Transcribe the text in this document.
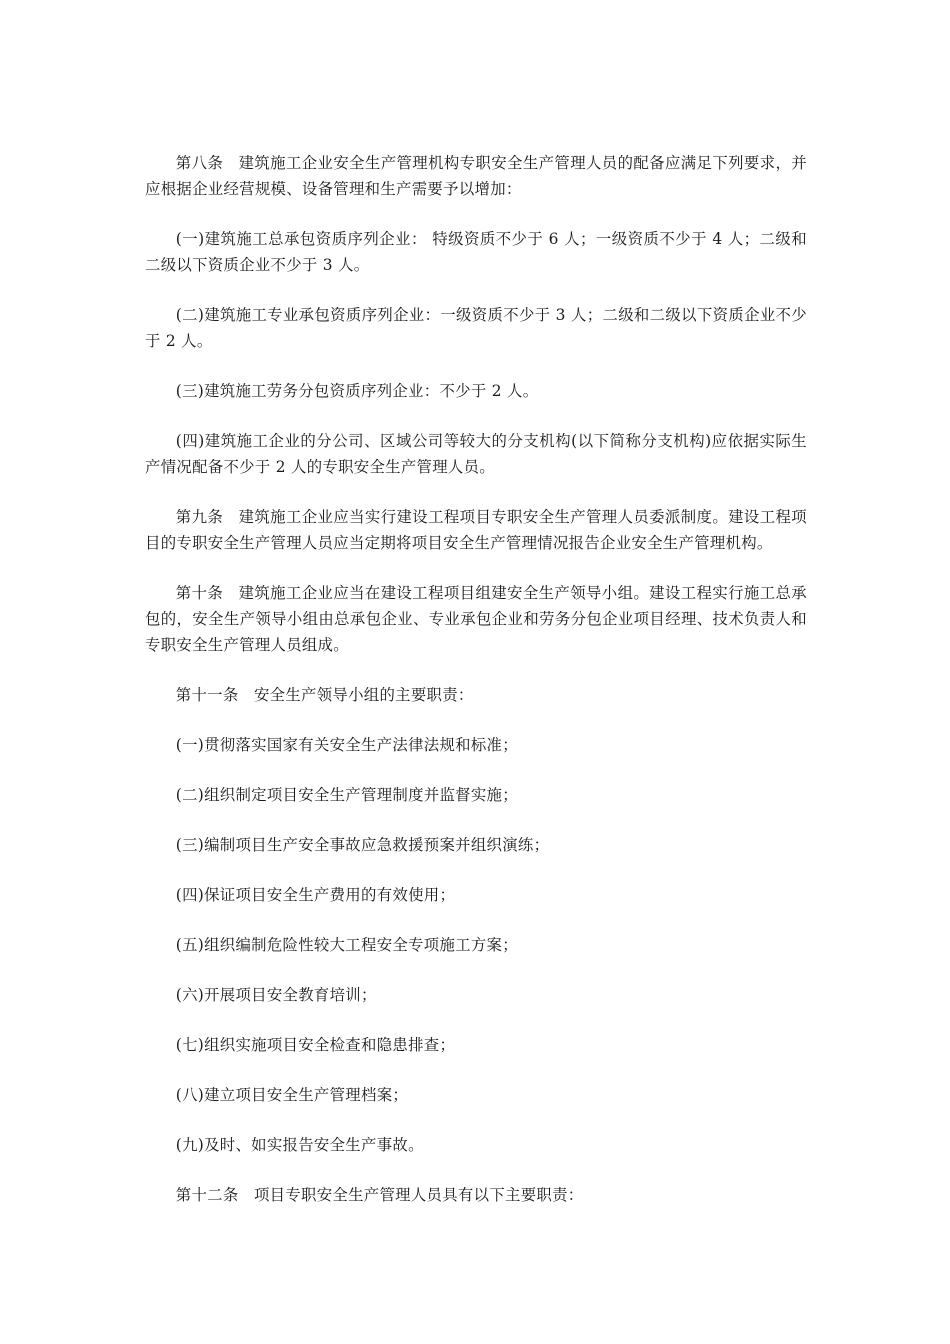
第八条 建筑施工企业安全生产管理机构专职安全生产管理人员的配备应满足下列要求，并应根据企业经营规模、设备管理和生产需要予以增加：

(一)建筑施工总承包资质序列企业： 特级资质不少于 6 人；一级资质不少于 4 人；二级和二级以下资质企业不少于 3 人。

(二)建筑施工专业承包资质序列企业：一级资质不少于 3 人；二级和二级以下资质企业不少于 2 人。

(三)建筑施工劳务分包资质序列企业：不少于 2 人。

(四)建筑施工企业的分公司、区域公司等较大的分支机构(以下简称分支机构)应依据实际生产情况配备不少于 2 人的专职安全生产管理人员。

第九条 建筑施工企业应当实行建设工程项目专职安全生产管理人员委派制度。建设工程项目的专职安全生产管理人员应当定期将项目安全生产管理情况报告企业安全生产管理机构。

第十条 建筑施工企业应当在建设工程项目组建安全生产领导小组。建设工程实行施工总承包的，安全生产领导小组由总承包企业、专业承包企业和劳务分包企业项目经理、技术负责人和专职安全生产管理人员组成。

第十一条 安全生产领导小组的主要职责：

(一)贯彻落实国家有关安全生产法律法规和标准；

(二)组织制定项目安全生产管理制度并监督实施；

(三)编制项目生产安全事故应急救援预案并组织演练；

(四)保证项目安全生产费用的有效使用；

(五)组织编制危险性较大工程安全专项施工方案；

(六)开展项目安全教育培训；

(七)组织实施项目安全检查和隐患排查；

(八)建立项目安全生产管理档案；

(九)及时、如实报告安全生产事故。

第十二条 项目专职安全生产管理人员具有以下主要职责：
